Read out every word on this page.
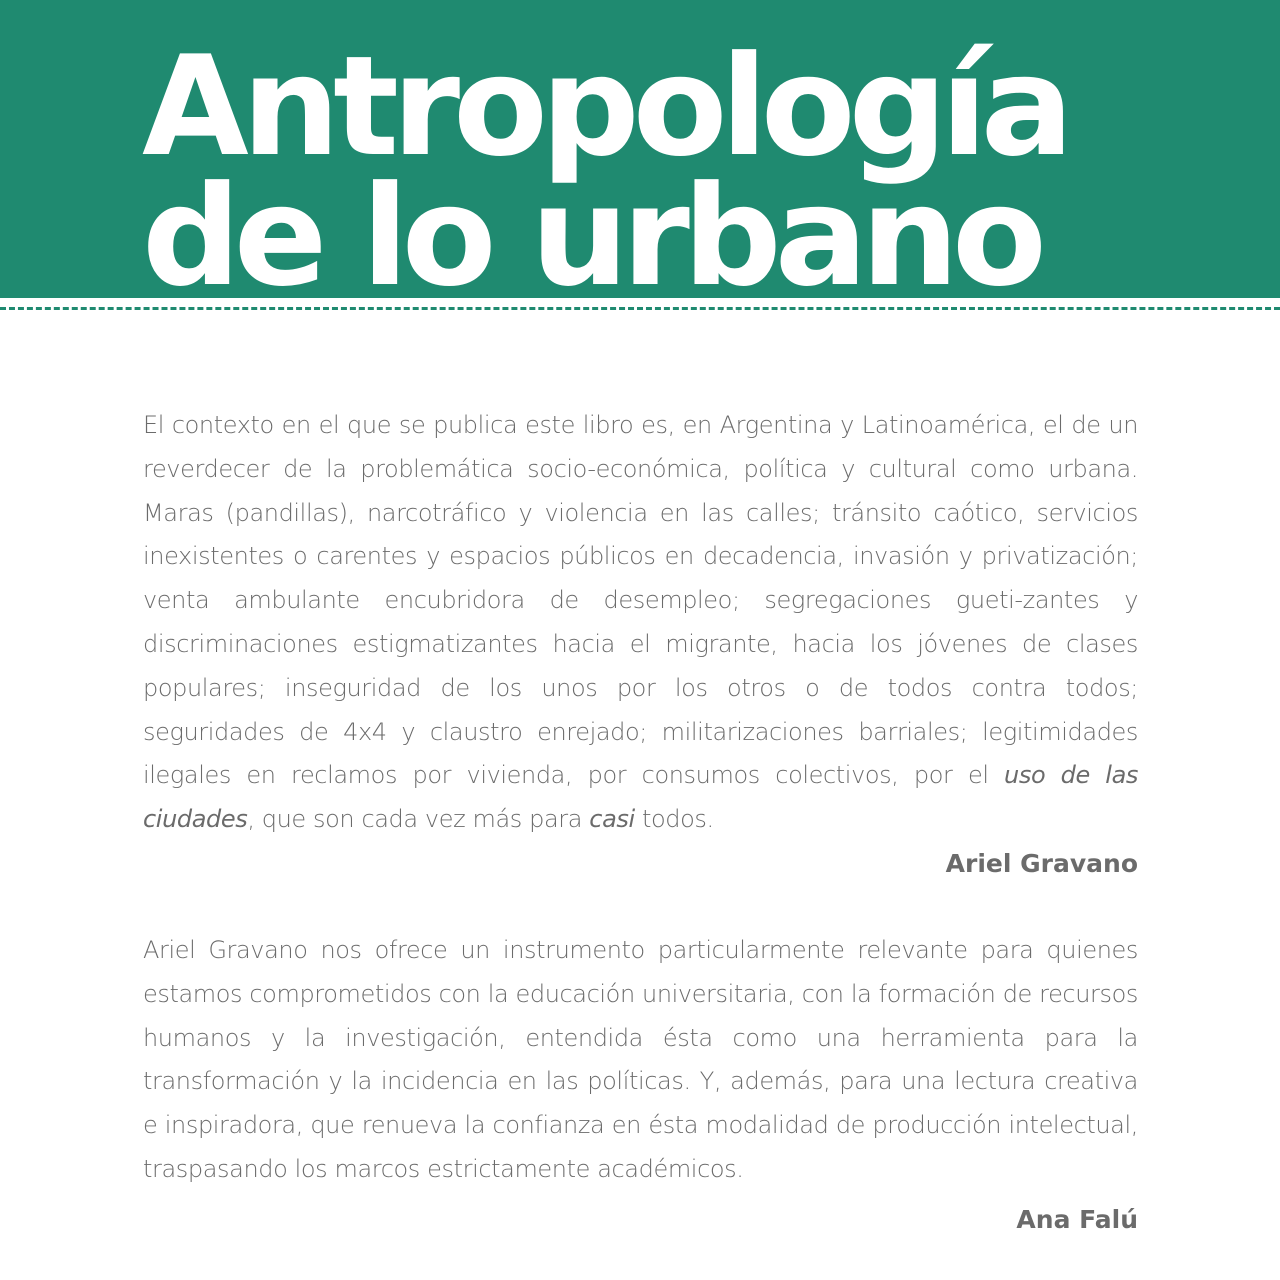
Antropología
de lo urbano

El contexto en el que se publica este libro es, en Argentina y Latinoamérica, el de un reverdecer de la problemática socio-económica, política y cultural como urbana. Maras (pandillas), narcotráfico y violencia en las calles; tránsito caótico, servicios inexistentes o carentes y espacios públicos en decadencia, invasión y privatización; venta ambulante encubridora de desempleo; segregaciones gueti-zantes y discriminaciones estigmatizantes hacia el migrante, hacia los jóvenes de clases populares; inseguridad de los unos por los otros o de todos contra todos; seguridades de 4x4 y claustro enrejado; militarizaciones barriales; legitimidades ilegales en reclamos por vivienda, por consumos colectivos, por el uso de las ciudades, que son cada vez más para casi todos.

Ariel Gravano

Ariel Gravano nos ofrece un instrumento particularmente relevante para quienes estamos comprometidos con la educación universitaria, con la formación de recursos humanos y la investigación, entendida ésta como una herramienta para la transformación y la incidencia en las políticas. Y, además, para una lectura creativa e inspiradora, que renueva la confianza en ésta modalidad de producción intelectual, traspasando los marcos estrictamente académicos.

Ana Falú
